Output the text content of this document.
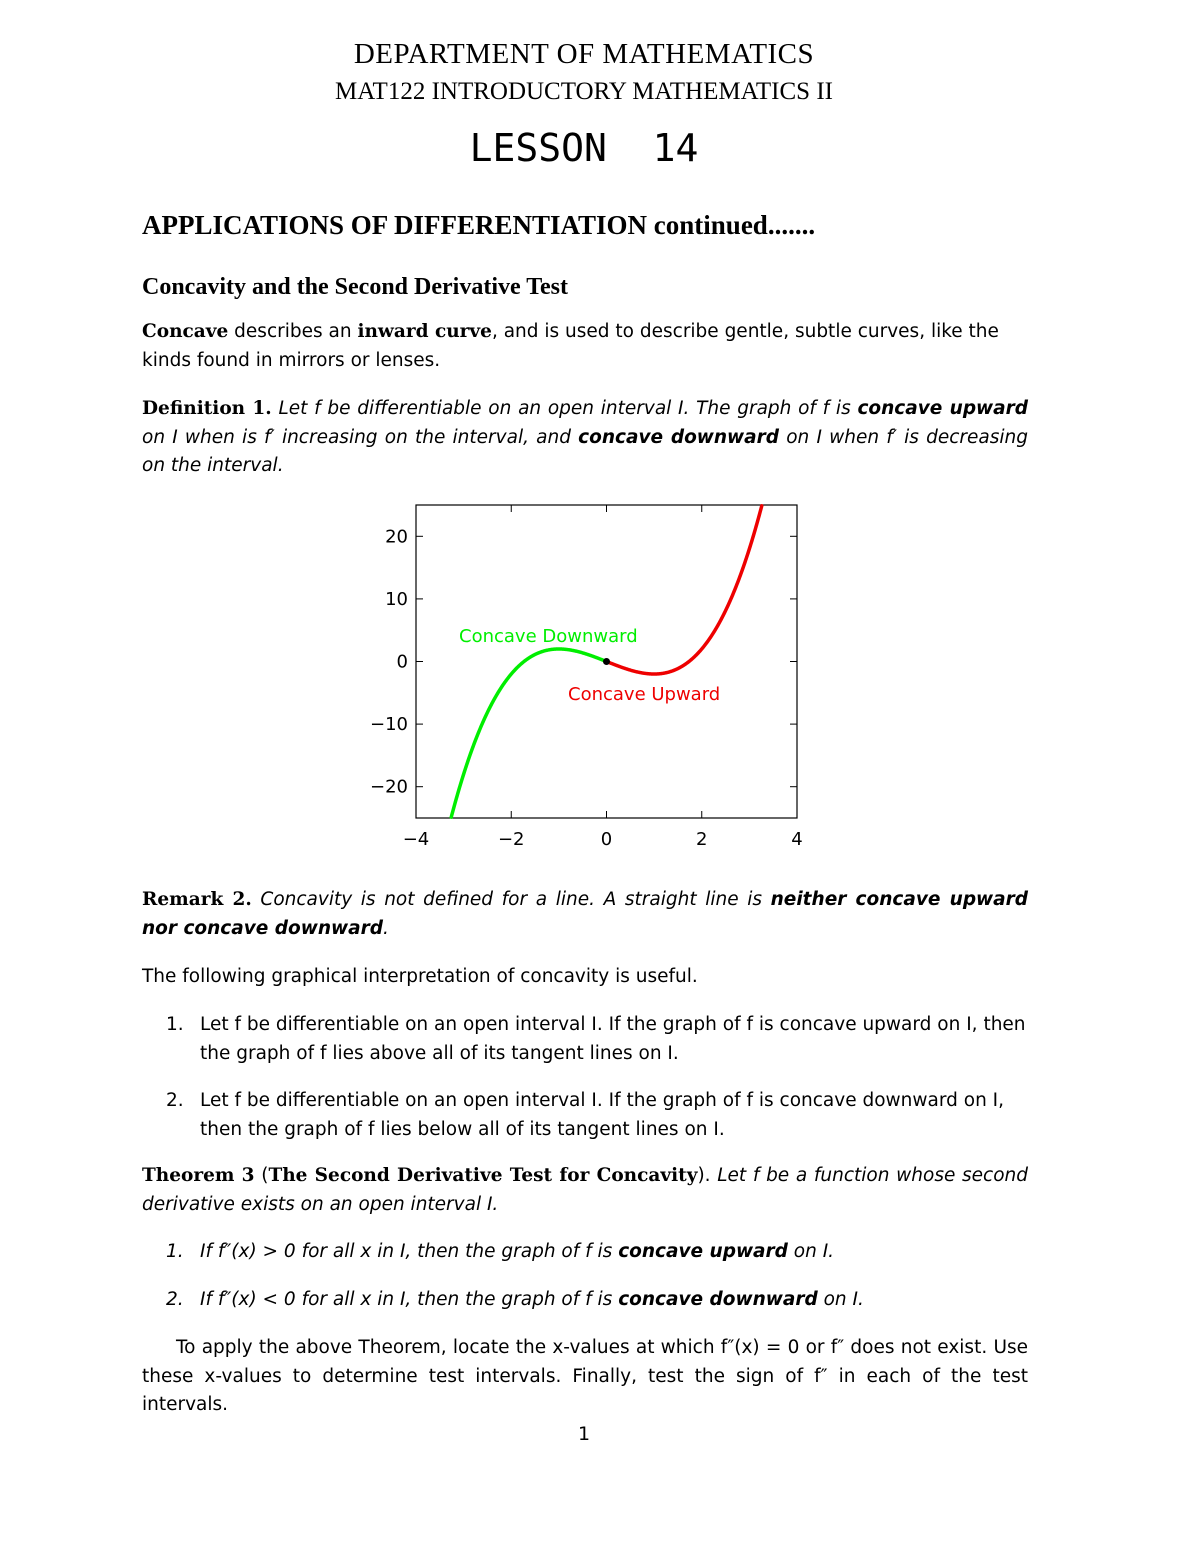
DEPARTMENT OF MATHEMATICS
MAT122 INTRODUCTORY MATHEMATICS II
LESSON  14
APPLICATIONS OF DIFFERENTIATION continued.......
Concavity and the Second Derivative Test
Concave describes an inward curve, and is used to describe gentle, subtle curves, like the kinds found in mirrors or lenses.
Definition 1. Let f be differentiable on an open interval I. The graph of f is concave upward on I when is f′ increasing on the interval, and concave downward on I when f′ is decreasing on the interval.
−4	−2	0	2	4
20
10
0
−10
−20
Concave Downward
Concave Upward
Remark 2. Concavity is not defined for a line. A straight line is neither concave upward nor concave downward.
The following graphical interpretation of concavity is useful.
1. Let f be differentiable on an open interval I. If the graph of f is concave upward on I, then the graph of f lies above all of its tangent lines on I.
2. Let f be differentiable on an open interval I. If the graph of f is concave downward on I, then the graph of f lies below all of its tangent lines on I.
Theorem 3 (The Second Derivative Test for Concavity). Let f be a function whose second derivative exists on an open interval I.
1. If f″(x) > 0 for all x in I, then the graph of f is concave upward on I.
2. If f″(x) < 0 for all x in I, then the graph of f is concave downward on I.
To apply the above Theorem, locate the x-values at which f″(x) = 0 or f″ does not exist. Use these x-values to determine test intervals. Finally, test the sign of f″ in each of the test intervals.
1
